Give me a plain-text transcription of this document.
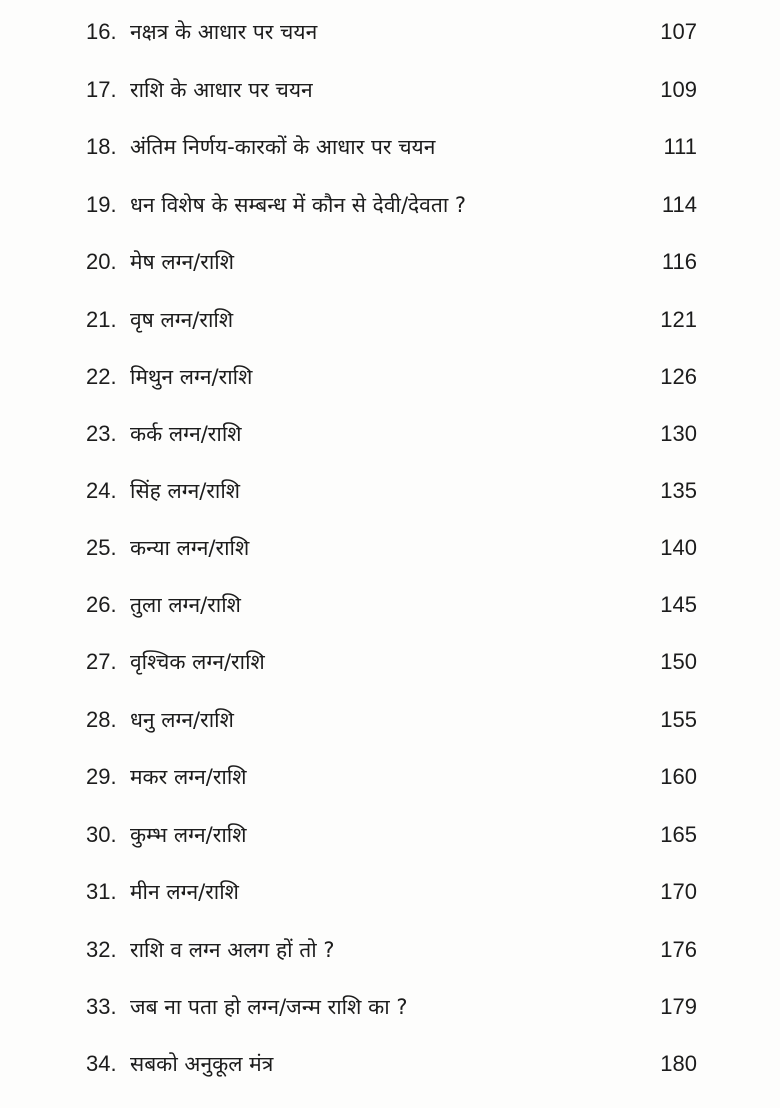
16. नक्षत्र के आधार पर चयन	107
17. राशि के आधार पर चयन	109
18. अंतिम निर्णय-कारकों के आधार पर चयन	111
19. धन विशेष के सम्बन्ध में कौन से देवी/देवता ?	114
20. मेष लग्न/राशि	116
21. वृष लग्न/राशि	121
22. मिथुन लग्न/राशि	126
23. कर्क लग्न/राशि	130
24. सिंह लग्न/राशि	135
25. कन्या लग्न/राशि	140
26. तुला लग्न/राशि	145
27. वृश्चिक लग्न/राशि	150
28. धनु लग्न/राशि	155
29. मकर लग्न/राशि	160
30. कुम्भ लग्न/राशि	165
31. मीन लग्न/राशि	170
32. राशि व लग्न अलग हों तो ?	176
33. जब ना पता हो लग्न/जन्म राशि का ?	179
34. सबको अनुकूल मंत्र	180
